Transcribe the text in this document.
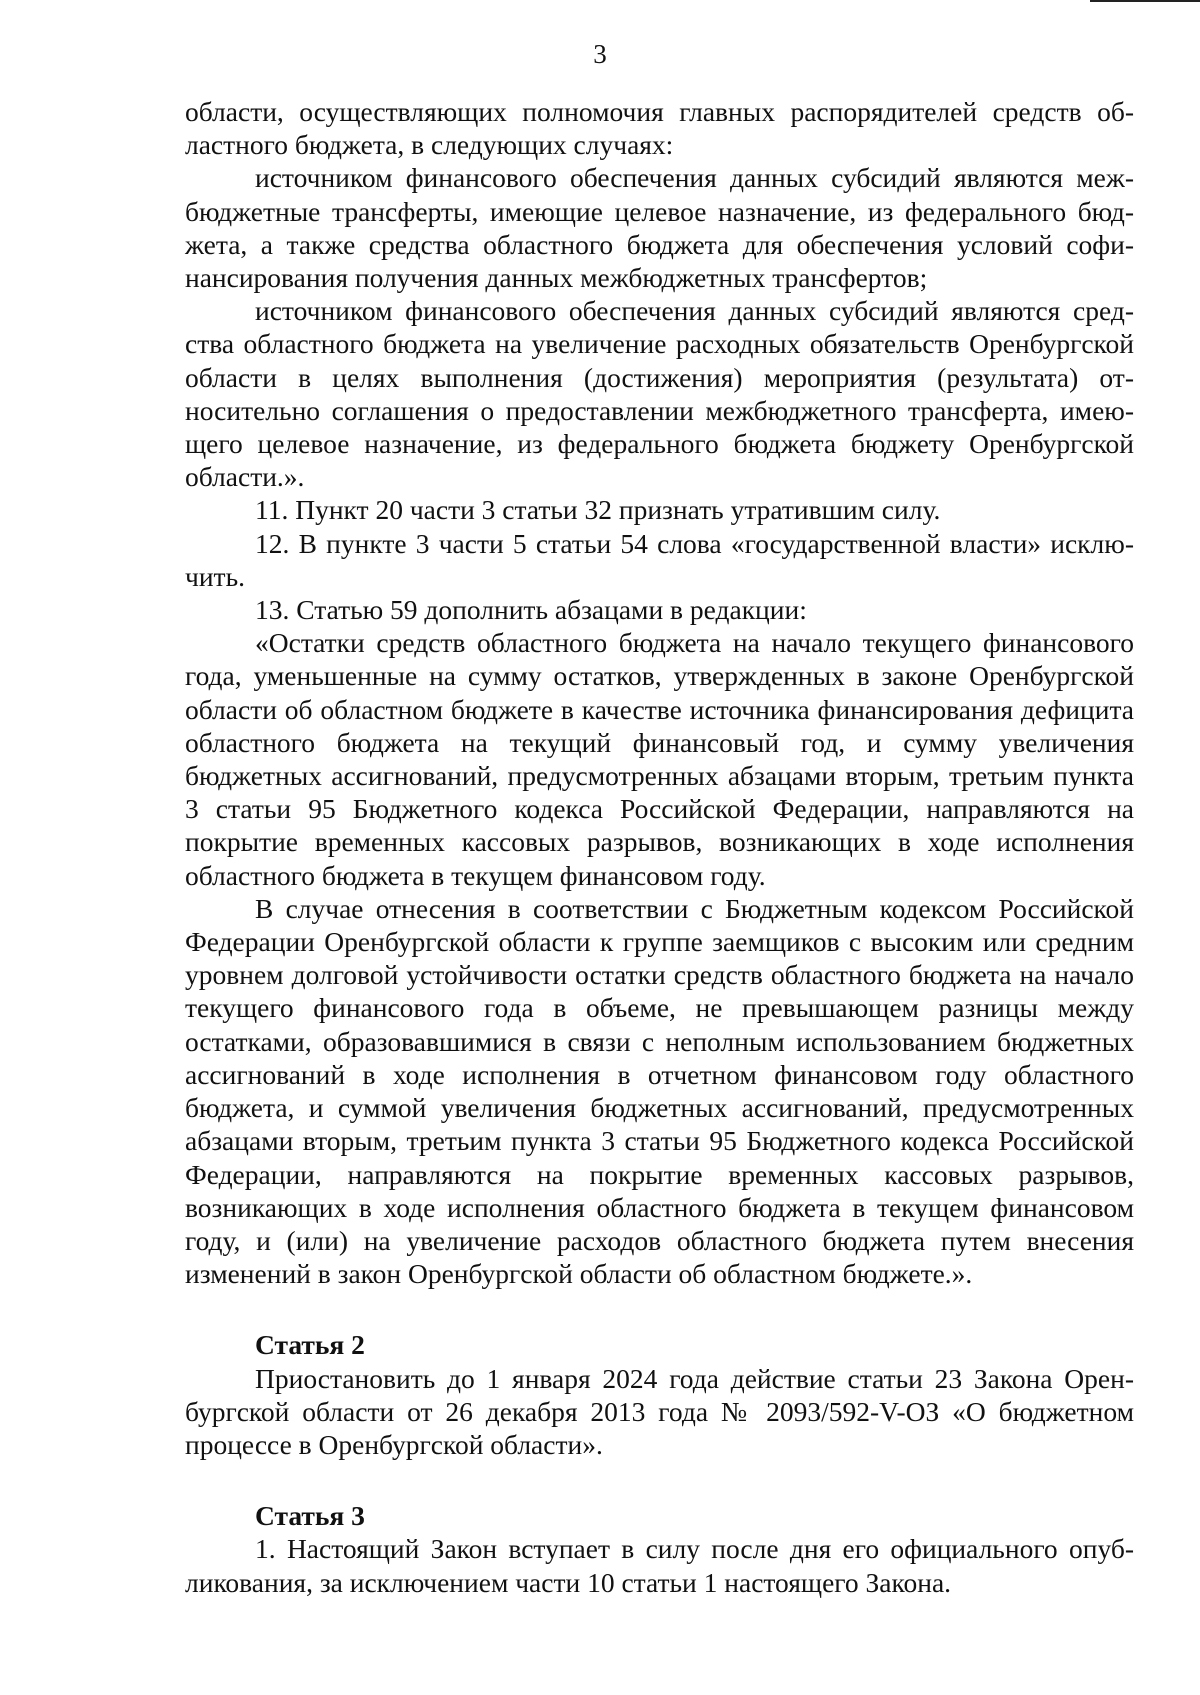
3

области, осуществляющих полномочия главных распорядителей средств областного бюджета, в следующих случаях:

источником финансового обеспечения данных субсидий являются межбюджетные трансферты, имеющие целевое назначение, из федерального бюджета, а также средства областного бюджета для обеспечения условий софинансирования получения данных межбюджетных трансфертов;

источником финансового обеспечения данных субсидий являются средства областного бюджета на увеличение расходных обязательств Оренбургской области в целях выполнения (достижения) мероприятия (результата) относительно соглашения о предоставлении межбюджетного трансферта, имеющего целевое назначение, из федерального бюджета бюджету Оренбургской области.».

11. Пункт 20 части 3 статьи 32 признать утратившим силу.

12. В пункте 3 части 5 статьи 54 слова «государственной власти» исключить.

13. Статью 59 дополнить абзацами в редакции:

«Остатки средств областного бюджета на начало текущего финансового года, уменьшенные на сумму остатков, утвержденных в законе Оренбургской области об областном бюджете в качестве источника финансирования дефицита областного бюджета на текущий финансовый год, и сумму увеличения бюджетных ассигнований, предусмотренных абзацами вторым, третьим пункта 3 статьи 95 Бюджетного кодекса Российской Федерации, направляются на покрытие временных кассовых разрывов, возникающих в ходе исполнения областного бюджета в текущем финансовом году.

В случае отнесения в соответствии с Бюджетным кодексом Российской Федерации Оренбургской области к группе заемщиков с высоким или средним уровнем долговой устойчивости остатки средств областного бюджета на начало текущего финансового года в объеме, не превышающем разницы между остатками, образовавшимися в связи с неполным использованием бюджетных ассигнований в ходе исполнения в отчетном финансовом году областного бюджета, и суммой увеличения бюджетных ассигнований, предусмотренных абзацами вторым, третьим пункта 3 статьи 95 Бюджетного кодекса Российской Федерации, направляются на покрытие временных кассовых разрывов, возникающих в ходе исполнения областного бюджета в текущем финансовом году, и (или) на увеличение расходов областного бюджета путем внесения изменений в закон Оренбургской области об областном бюджете.».

Статья 2

Приостановить до 1 января 2024 года действие статьи 23 Закона Оренбургской области от 26 декабря 2013 года № 2093/592-V-ОЗ «О бюджетном процессе в Оренбургской области».

Статья 3

1. Настоящий Закон вступает в силу после дня его официального опубликования, за исключением части 10 статьи 1 настоящего Закона.
